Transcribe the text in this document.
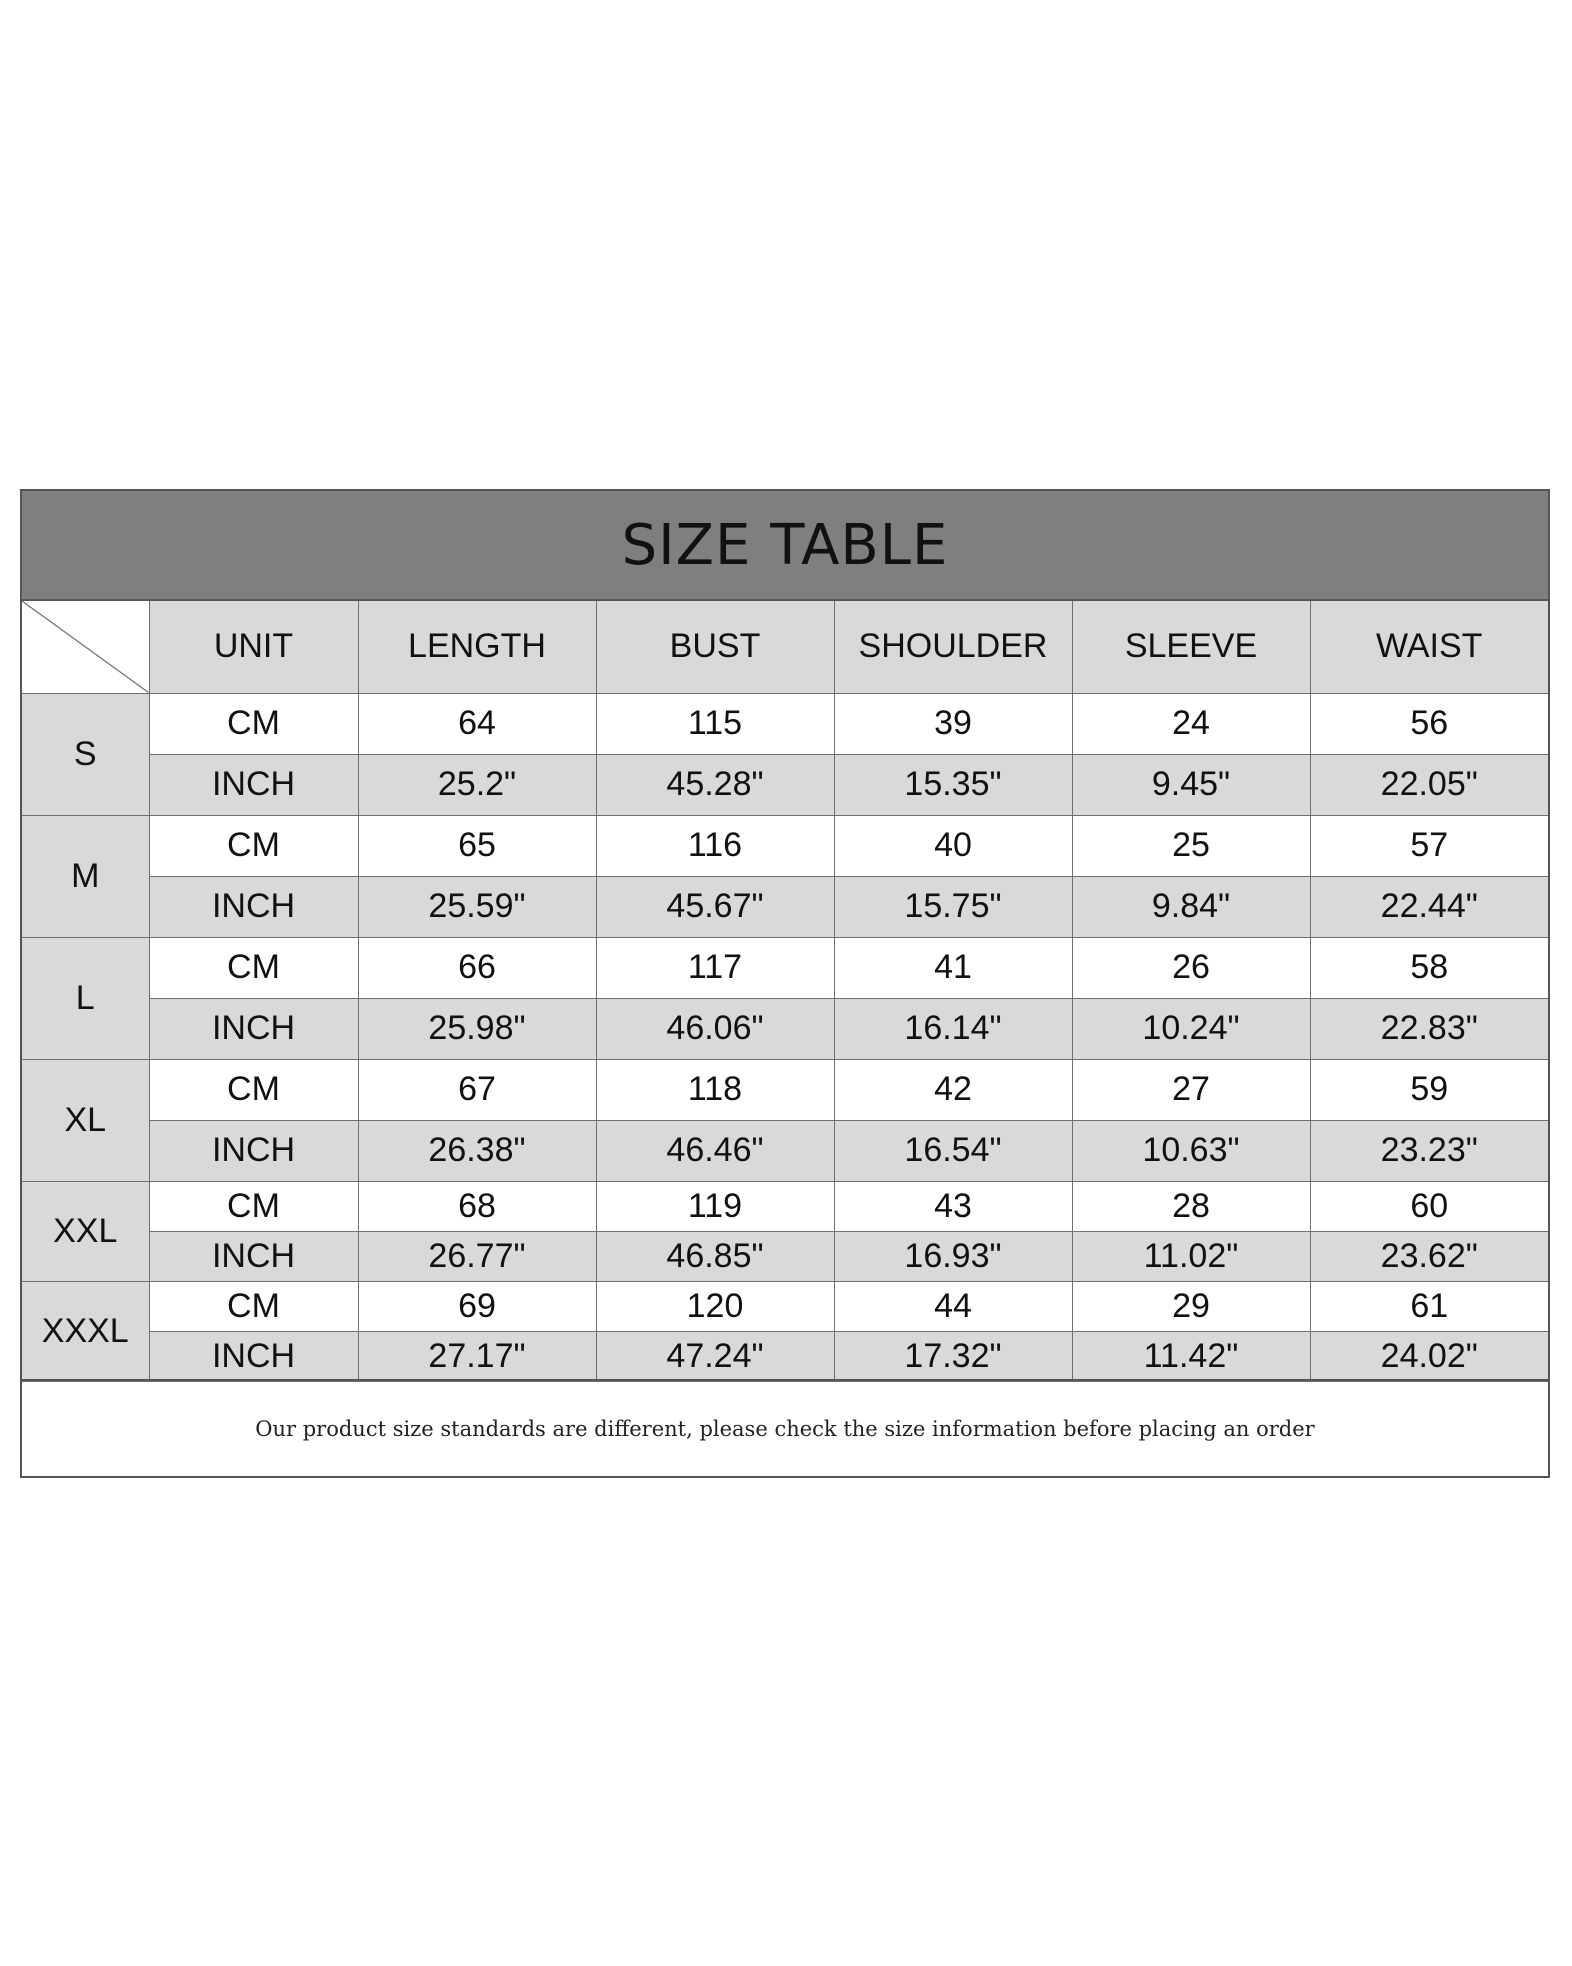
SIZE TABLE
	UNIT	LENGTH	BUST	SHOULDER	SLEEVE	WAIST
S	CM	64	115	39	24	56
	INCH	25.2"	45.28"	15.35"	9.45"	22.05"
M	CM	65	116	40	25	57
	INCH	25.59"	45.67"	15.75"	9.84"	22.44"
L	CM	66	117	41	26	58
	INCH	25.98"	46.06"	16.14"	10.24"	22.83"
XL	CM	67	118	42	27	59
	INCH	26.38"	46.46"	16.54"	10.63"	23.23"
XXL	CM	68	119	43	28	60
	INCH	26.77"	46.85"	16.93"	11.02"	23.62"
XXXL	CM	69	120	44	29	61
	INCH	27.17"	47.24"	17.32"	11.42"	24.02"
Our product size standards are different, please check the size information before placing an order
